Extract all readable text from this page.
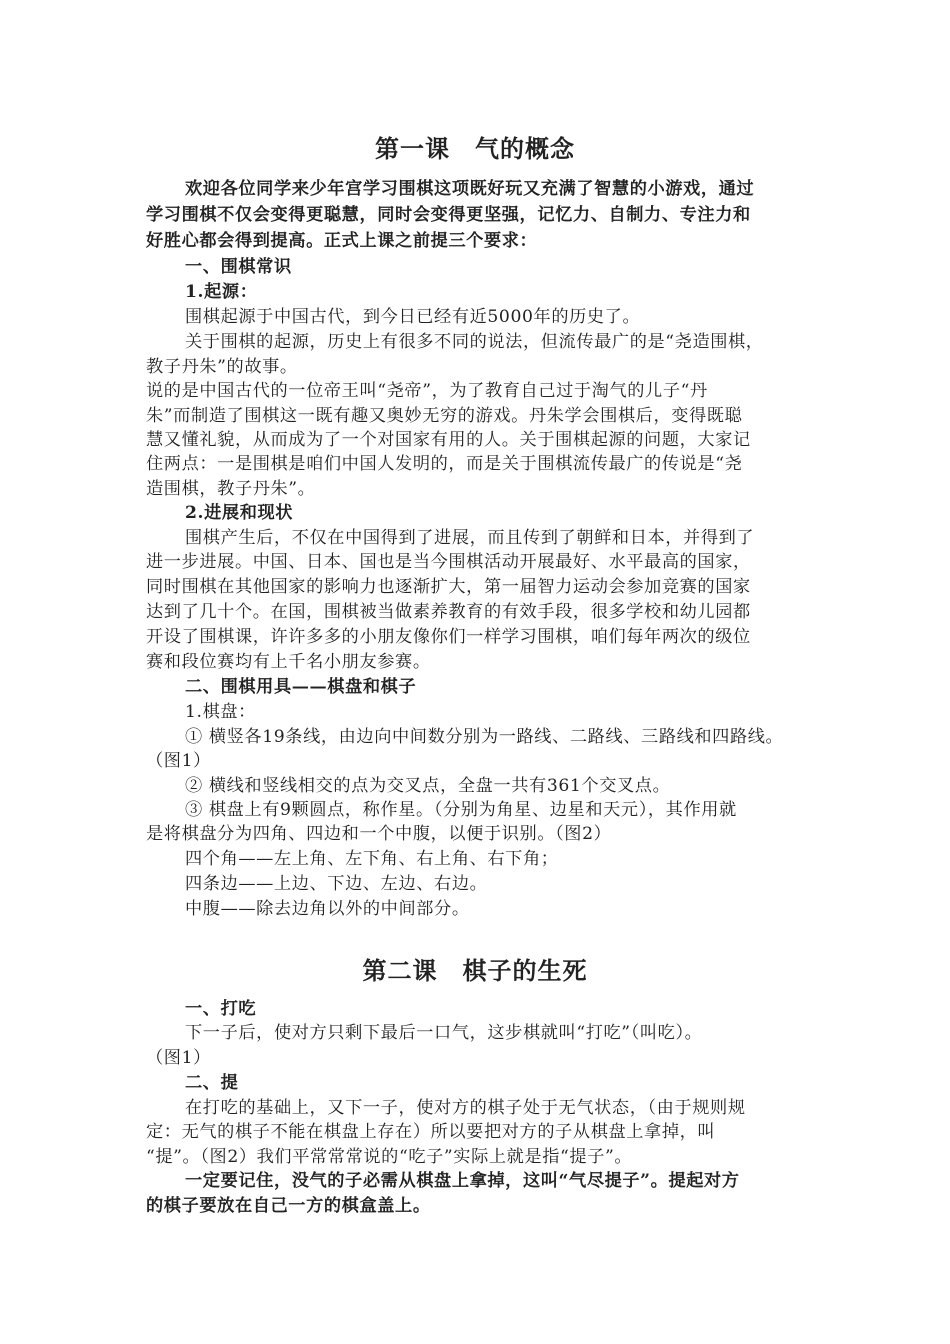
第一课　气的概念
欢迎各位同学来少年宫学习围棋这项既好玩又充满了智慧的小游戏，通过
学习围棋不仅会变得更聪慧，同时会变得更坚强，记忆力、自制力、专注力和
好胜心都会得到提高。正式上课之前提三个要求：
一、围棋常识
1.起源：
围棋起源于中国古代，到今日已经有近5000年的历史了。
关于围棋的起源，历史上有很多不同的说法，但流传最广的是“尧造围棋，
教子丹朱”的故事。
说的是中国古代的一位帝王叫“尧帝”，为了教育自己过于淘气的儿子“丹
朱”而制造了围棋这一既有趣又奥妙无穷的游戏。丹朱学会围棋后，变得既聪
慧又懂礼貌，从而成为了一个对国家有用的人。关于围棋起源的问题，大家记
住两点：一是围棋是咱们中国人发明的，而是关于围棋流传最广的传说是“尧
造围棋，教子丹朱”。
2.进展和现状
围棋产生后，不仅在中国得到了进展，而且传到了朝鲜和日本，并得到了
进一步进展。中国、日本、国也是当今围棋活动开展最好、水平最高的国家，
同时围棋在其他国家的影响力也逐渐扩大，第一届智力运动会参加竞赛的国家
达到了几十个。在国，围棋被当做素养教育的有效手段，很多学校和幼儿园都
开设了围棋课，许许多多的小朋友像你们一样学习围棋，咱们每年两次的级位
赛和段位赛均有上千名小朋友参赛。
二、围棋用具——棋盘和棋子
1.棋盘：
① 横竖各19条线，由边向中间数分别为一路线、二路线、三路线和四路线。
（图1）
② 横线和竖线相交的点为交叉点，全盘一共有361个交叉点。
③ 棋盘上有9颗圆点，称作星。（分别为角星、边星和天元），其作用就
是将棋盘分为四角、四边和一个中腹，以便于识别。（图2）
四个角——左上角、左下角、右上角、右下角；
四条边——上边、下边、左边、右边。
中腹——除去边角以外的中间部分。
第二课　棋子的生死
一、打吃
下一子后，使对方只剩下最后一口气，这步棋就叫“打吃”（叫吃）。
（图1）
二、提
在打吃的基础上，又下一子，使对方的棋子处于无气状态，（由于规则规
定：无气的棋子不能在棋盘上存在）所以要把对方的子从棋盘上拿掉，叫
“提”。（图2）我们平常常常说的“吃子”实际上就是指“提子”。
一定要记住，没气的子必需从棋盘上拿掉，这叫“气尽提子”。提起对方
的棋子要放在自己一方的棋盒盖上。
